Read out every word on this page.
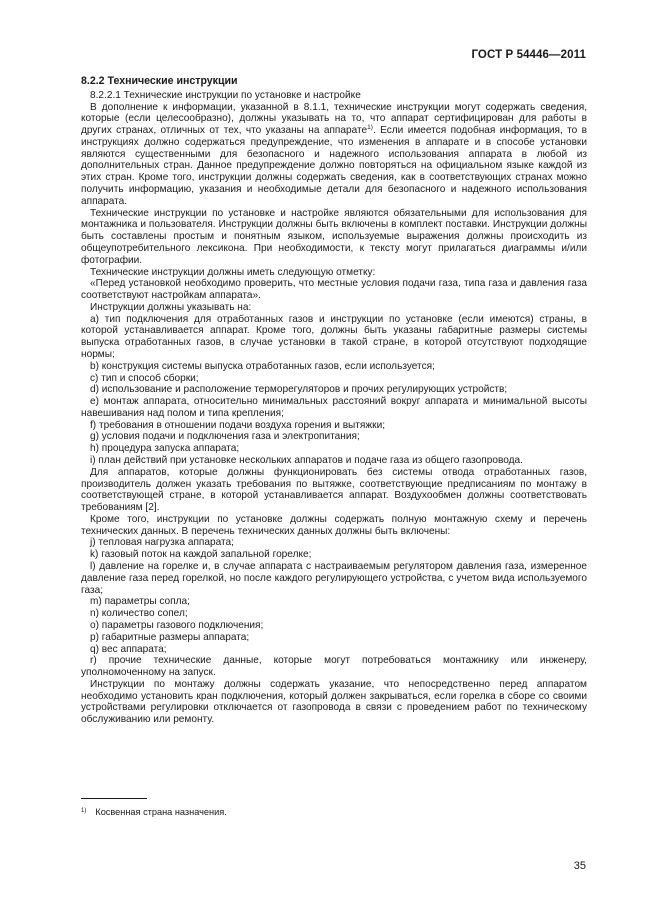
ГОСТ Р 54446—2011

8.2.2 Технические инструкции

8.2.2.1 Технические инструкции по установке и настройке

В дополнение к информации, указанной в 8.1.1, технические инструкции могут содержать сведения, которые (если целесообразно), должны указывать на то, что аппарат сертифицирован для работы в других странах, отличных от тех, что указаны на аппарате$^{1)}$. Если имеется подобная информация, то в инструкциях должно содержаться предупреждение, что изменения в аппарате и в способе установки являются существенными для безопасного и надежного использования аппарата в любой из дополнительных стран. Данное предупреждение должно повторяться на официальном языке каждой из этих стран. Кроме того, инструкции должны содержать сведения, как в соответствующих странах можно получить информацию, указания и необходимые детали для безопасного и надежного использования аппарата.

Технические инструкции по установке и настройке являются обязательными для использования для монтажника и пользователя. Инструкции должны быть включены в комплект поставки. Инструкции должны быть составлены простым и понятным языком, используемые выражения должны происходить из общеупотребительного лексикона. При необходимости, к тексту могут прилагаться диаграммы и/или фотографии.

Технические инструкции должны иметь следующую отметку:

«Перед установкой необходимо проверить, что местные условия подачи газа, типа газа и давления газа соответствуют настройкам аппарата».

Инструкции должны указывать на:

а) тип подключения для отработанных газов и инструкции по установке (если имеются) страны, в которой устанавливается аппарат. Кроме того, должны быть указаны габаритные размеры системы выпуска отработанных газов, в случае установки в такой стране, в которой отсутствуют подходящие нормы;

b) конструкция системы выпуска отработанных газов, если используется;

c) тип и способ сборки;

d) использование и расположение терморегуляторов и прочих регулирующих устройств;

e) монтаж аппарата, относительно минимальных расстояний вокруг аппарата и минимальной высоты навешивания над полом и типа крепления;

f) требования в отношении подачи воздуха горения и вытяжки;

g) условия подачи и подключения газа и электропитания;

h) процедура запуска аппарата;

i) план действий при установке нескольких аппаратов и подаче газа из общего газопровода.

Для аппаратов, которые должны функционировать без системы отвода отработанных газов, производитель должен указать требования по вытяжке, соответствующие предписаниям по монтажу в соответствующей стране, в которой устанавливается аппарат. Воздухообмен должны соответствовать требованиям [2].

Кроме того, инструкции по установке должны содержать полную монтажную схему и перечень технических данных. В перечень технических данных должны быть включены:

j) тепловая нагрузка аппарата;

k) газовый поток на каждой запальной горелке;

l) давление на горелке и, в случае аппарата с настраиваемым регулятором давления газа, измеренное давление газа перед горелкой, но после каждого регулирующего устройства, с учетом вида используемого газа;

m) параметры сопла;

n) количество сопел;

o) параметры газового подключения;

p) габаритные размеры аппарата;

q) вес аппарата;

r) прочие технические данные, которые могут потребоваться монтажнику или инженеру, уполномоченному на запуск.

Инструкции по монтажу должны содержать указание, что непосредственно перед аппаратом необходимо установить кран подключения, который должен закрываться, если горелка в сборе со своими устройствами регулировки отключается от газопровода в связи с проведением работ по техническому обслуживанию или ремонту.

$^{1)}$ Косвенная страна назначения.
35
